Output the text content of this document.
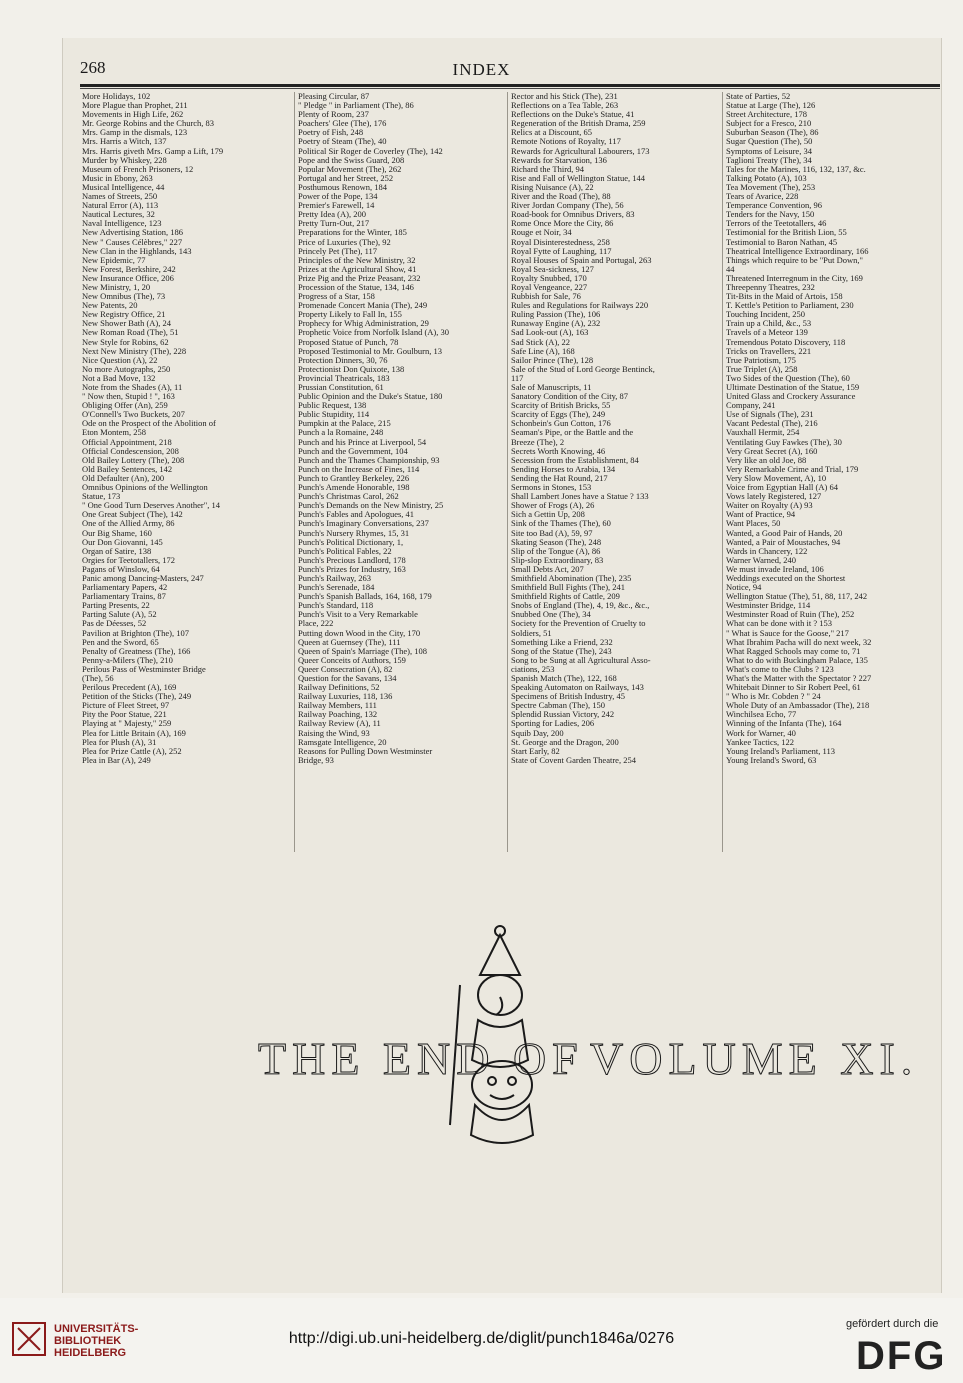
268	INDEX
More Holidays, 102
More Plague than Prophet, 211
Movements in High Life, 262
Mr. George Robins and the Church, 83
Mrs. Gamp in the dismals, 123
Mrs. Harris a Witch, 137
Mrs. Harris giveth Mrs. Gamp a Lift, 179
Murder by Whiskey, 228
Museum of French Prisoners, 12
Music in Ebony, 263
Musical Intelligence, 44
Names of Streets, 250
Natural Error (A), 113
Nautical Lectures, 32
Naval Intelligence, 123
New Advertising Station, 186
New " Causes Célèbres," 227
New Clan in the Highlands, 143
New Epidemic, 77
New Forest, Berkshire, 242
New Insurance Office, 206
New Ministry, 1, 20
New Omnibus (The), 73
New Patents, 20
New Registry Office, 21
New Shower Bath (A), 24
New Roman Road (The), 51
New Style for Robins, 62
Next New Ministry (The), 228
Nice Question (A), 22
No more Autographs, 250
Not a Bad Move, 132
Note from the Shades (A), 11
" Now then, Stupid ! ", 163
Obliging Offer (An), 259
O'Connell's Two Buckets, 207
Ode on the Prospect of the Abolition of
Eton Montem, 258
Official Appointment, 218
Official Condescension, 208
Old Bailey Lottery (The), 208
Old Bailey Sentences, 142
Old Defaulter (An), 200
Omnibus Opinions of the Wellington
Statue, 173
" One Good Turn Deserves Another", 14
One Great Subject (The), 142
One of the Allied Army, 86
Our Big Shame, 160
Our Don Giovanni, 145
Organ of Satire, 138
Orgies for Teetotallers, 172
Pagans of Winslow, 64
Panic among Dancing-Masters, 247
Parliamentary Papers, 42
Parliamentary Trains, 87
Parting Presents, 22
Parting Salute (A), 52
Pas de Déesses, 52
Pavilion at Brighton (The), 107
Pen and the Sword, 65
Penalty of Greatness (The), 166
Penny-a-Milers (The), 210
Perilous Pass of Westminster Bridge
(The), 56
Perilous Precedent (A), 169
Petition of the Sticks (The), 249
Picture of Fleet Street, 97
Pity the Poor Statue, 221
Playing at " Majesty," 259
Plea for Little Britain (A), 169
Plea for Plush (A), 31
Plea for Prize Cattle (A), 252
Plea in Bar (A), 249
Pleasing Circular, 87
" Pledge " in Parliament (The), 86
Plenty of Room, 237
Poachers' Glee (The), 176
Poetry of Fish, 248
Poetry of Steam (The), 40
Political Sir Roger de Coverley (The), 142
Pope and the Swiss Guard, 208
Popular Movement (The), 262
Portugal and her Street, 252
Posthumous Renown, 184
Power of the Pope, 134
Premier's Farewell, 14
Pretty Idea (A), 200
Pretty Turn-Out, 217
Preparations for the Winter, 185
Price of Luxuries (The), 92
Princely Pet (The), 117
Principles of the New Ministry, 32
Prizes at the Agricultural Show, 41
Prize Pig and the Prize Peasant, 232
Procession of the Statue, 134, 146
Progress of a Star, 158
Promenade Concert Mania (The), 249
Property Likely to Fall In, 155
Prophecy for Whig Administration, 29
Prophetic Voice from Norfolk Island (A), 30
Proposed Statue of Punch, 78
Proposed Testimonial to Mr. Goulburn, 13
Protection Dinners, 30, 76
Protectionist Don Quixote, 138
Provincial Theatricals, 183
Prussian Constitution, 61
Public Opinion and the Duke's Statue, 180
Public Request, 138
Public Stupidity, 114
Pumpkin at the Palace, 215
Punch a la Romaine, 248
Punch and his Prince at Liverpool, 54
Punch and the Government, 104
Punch and the Thames Championship, 93
Punch on the Increase of Fines, 114
Punch to Grantley Berkeley, 226
Punch's Amende Honorable, 198
Punch's Christmas Carol, 262
Punch's Demands on the New Ministry, 25
Punch's Fables and Apologues, 41
Punch's Imaginary Conversations, 237
Punch's Nursery Rhymes, 15, 31
Punch's Political Dictionary, 1,
Punch's Political Fables, 22
Punch's Precious Landlord, 178
Punch's Prizes for Industry, 163
Punch's Railway, 263
Punch's Serenade, 184
Punch's Spanish Ballads, 164, 168, 179
Punch's Standard, 118
Punch's Visit to a Very Remarkable
Place, 222
Putting down Wood in the City, 170
Queen at Guernsey (The), 111
Queen of Spain's Marriage (The), 108
Queer Conceits of Authors, 159
Queer Consecration (A), 82
Question for the Savans, 134
Railway Definitions, 52
Railway Luxuries, 118, 136
Railway Members, 111
Railway Poaching, 132
Railway Review (A), 11
Raising the Wind, 93
Ramsgate Intelligence, 20
Reasons for Pulling Down Westminster
Bridge, 93
Rector and his Stick (The), 231
Reflections on a Tea Table, 263
Reflections on the Duke's Statue, 41
Regeneration of the British Drama, 259
Relics at a Discount, 65
Remote Notions of Royalty, 117
Rewards for Agricultural Labourers, 173
Rewards for Starvation, 136
Richard the Third, 94
Rise and Fall of Wellington Statue, 144
Rising Nuisance (A), 22
River and the Road (The), 88
River Jordan Company (The), 56
Road-book for Omnibus Drivers, 83
Rome Once More the City, 86
Rouge et Noir, 34
Royal Disinterestedness, 258
Royal Fytte of Laughing, 117
Royal Houses of Spain and Portugal, 263
Royal Sea-sickness, 127
Royalty Snubbed, 170
Royal Vengeance, 227
Rubbish for Sale, 76
Rules and Regulations for Railways 220
Ruling Passion (The), 106
Runaway Engine (A), 232
Sad Look-out (A), 163
Sad Stick (A), 22
Safe Line (A), 168
Sailor Prince (The), 128
Sale of the Stud of Lord George Bentinck,
117
Sale of Manuscripts, 11
Sanatory Condition of the City, 87
Scarcity of British Bricks, 55
Scarcity of Eggs (The), 249
Schonbein's Gun Cotton, 176
Seaman's Pipe, or the Battle and the
Breeze (The), 2
Secrets Worth Knowing, 46
Secession from the Establishment, 84
Sending Horses to Arabia, 134
Sending the Hat Round, 217
Sermons in Stones, 153
Shall Lambert Jones have a Statue ? 133
Shower of Frogs (A), 26
Sich a Gettin Up, 208
Sink of the Thames (The), 60
Site too Bad (A), 59, 97
Skating Season (The), 248
Slip of the Tongue (A), 86
Slip-slop Extraordinary, 83
Small Debts Act, 207
Smithfield Abomination (The), 235
Smithfield Bull Fights (The), 241
Smithfield Rights of Cattle, 209
Snobs of England (The), 4, 19, &c., &c.,
Snubbed One (The), 34
Society for the Prevention of Cruelty to
Soldiers, 51
Something Like a Friend, 232
Song of the Statue (The), 243
Song to be Sung at all Agricultural Asso-
ciations, 253
Spanish Match (The), 122, 168
Speaking Automaton on Railways, 143
Specimens of British Industry, 45
Spectre Cabman (The), 150
Splendid Russian Victory, 242
Sporting for Ladies, 206
Squib Day, 200
St. George and the Dragon, 200
Start Early, 82
State of Covent Garden Theatre, 254
State of Parties, 52
Statue at Large (The), 126
Street Architecture, 178
Subject for a Fresco, 210
Suburban Season (The), 86
Sugar Question (The), 50
Symptoms of Leisure, 34
Taglioni Treaty (The), 34
Tales for the Marines, 116, 132, 137, &c.
Talking Potato (A), 103
Tea Movement (The), 253
Tears of Avarice, 228
Temperance Convention, 96
Tenders for the Navy, 150
Terrors of the Teetotallers, 46
Testimonial for the British Lion, 55
Testimonial to Baron Nathan, 45
Theatrical Intelligence Extraordinary, 166
Things which require to be "Put Down,"
44
Threatened Interregnum in the City, 169
Threepenny Theatres, 232
Tit-Bits in the Maid of Artois, 158
T. Kettle's Petition to Parliament, 230
Touching Incident, 250
Train up a Child, &c., 53
Travels of a Meteor 139
Tremendous Potato Discovery, 118
Tricks on Travellers, 221
True Patriotism, 175
True Triplet (A), 258
Two Sides of the Question (The), 60
Ultimate Destination of the Statue, 159
United Glass and Crockery Assurance
Company, 241
Use of Signals (The), 231
Vacant Pedestal (The), 216
Vauxhall Hermit, 254
Ventilating Guy Fawkes (The), 30
Very Great Secret (A), 160
Very like an old Joe, 88
Very Remarkable Crime and Trial, 179
Very Slow Movement, A), 10
Voice from Egyptian Hall (A) 64
Vows lately Registered, 127
Waiter on Royalty (A) 93
Want of Practice, 94
Want Places, 50
Wanted, a Good Pair of Hands, 20
Wanted, a Pair of Moustaches, 94
Wards in Chancery, 122
Warner Warned, 240
We must invade Ireland, 106
Weddings executed on the Shortest
Notice, 94
Wellington Statue (The), 51, 88, 117, 242
Westminster Bridge, 114
Westminster Road of Ruin (The), 252
What can be done with it ? 153
" What is Sauce for the Goose," 217
What Ibrahim Pacha will do next week, 32
What Ragged Schools may come to, 71
What to do with Buckingham Palace, 135
What's come to the Clubs ? 123
What's the Matter with the Spectator ? 227
Whitebait Dinner to Sir Robert Peel, 61
" Who is Mr. Cobden ? " 24
Whole Duty of an Ambassador (The), 218
Winchilsea Echo, 77
Winning of the Infanta (The), 164
Work for Warner, 40
Yankee Tactics, 122
Young Ireland's Parliament, 113
Young Ireland's Sword, 63
THE END OF VOLUME XI.
UNIVERSITÄTS-
BIBLIOTHEK
HEIDELBERG
http://digi.ub.uni-heidelberg.de/diglit/punch1846a/0276
gefördert durch die
DFG
